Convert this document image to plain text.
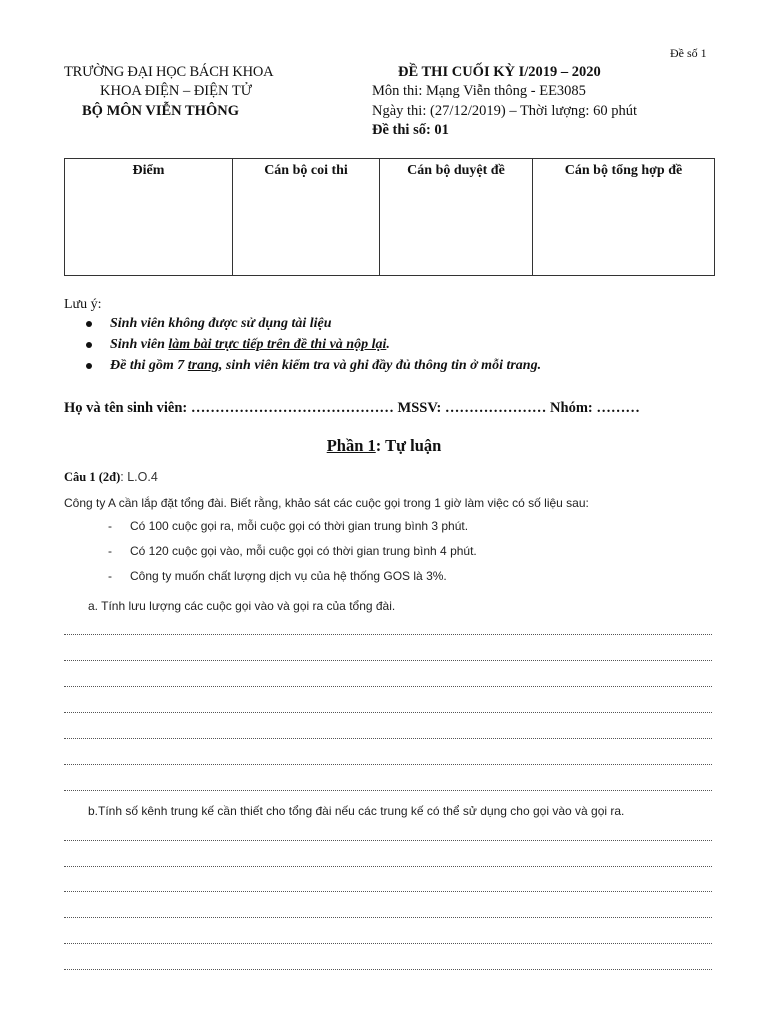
Đề số 1
TRƯỜNG ĐẠI HỌC BÁCH KHOA
KHOA ĐIỆN – ĐIỆN TỬ
BỘ MÔN VIỄN THÔNG
ĐỀ THI CUỐI KỲ I/2019 – 2020
Môn thi: Mạng Viễn thông - EE3085
Ngày thi: (27/12/2019) – Thời lượng: 60 phút
Đề thi số: 01
Điểm	Cán bộ coi thi	Cán bộ duyệt đề	Cán bộ tổng hợp đề
Lưu ý:
Sinh viên không được sử dụng tài liệu
Sinh viên làm bài trực tiếp trên đề thi và nộp lại.
Đề thi gồm 7 trang, sinh viên kiểm tra và ghi đầy đủ thông tin ở mỗi trang.
Họ và tên sinh viên: …………………………………… MSSV: ………………… Nhóm: ………
Phần 1: Tự luận
Câu 1 (2đ): L.O.4
Công ty A cần lắp đặt tổng đài. Biết rằng, khảo sát các cuộc gọi trong 1 giờ làm việc có số liệu sau:
- Có 100 cuộc gọi ra, mỗi cuộc gọi có thời gian trung bình 3 phút.
- Có 120 cuộc gọi vào, mỗi cuộc gọi có thời gian trung bình 4 phút.
- Công ty muốn chất lượng dịch vụ của hệ thống GOS là 3%.
a. Tính lưu lượng các cuộc gọi vào và gọi ra của tổng đài.
b.Tính số kênh trung kế cần thiết cho tổng đài nếu các trung kế có thể sử dụng cho gọi vào và gọi ra.
